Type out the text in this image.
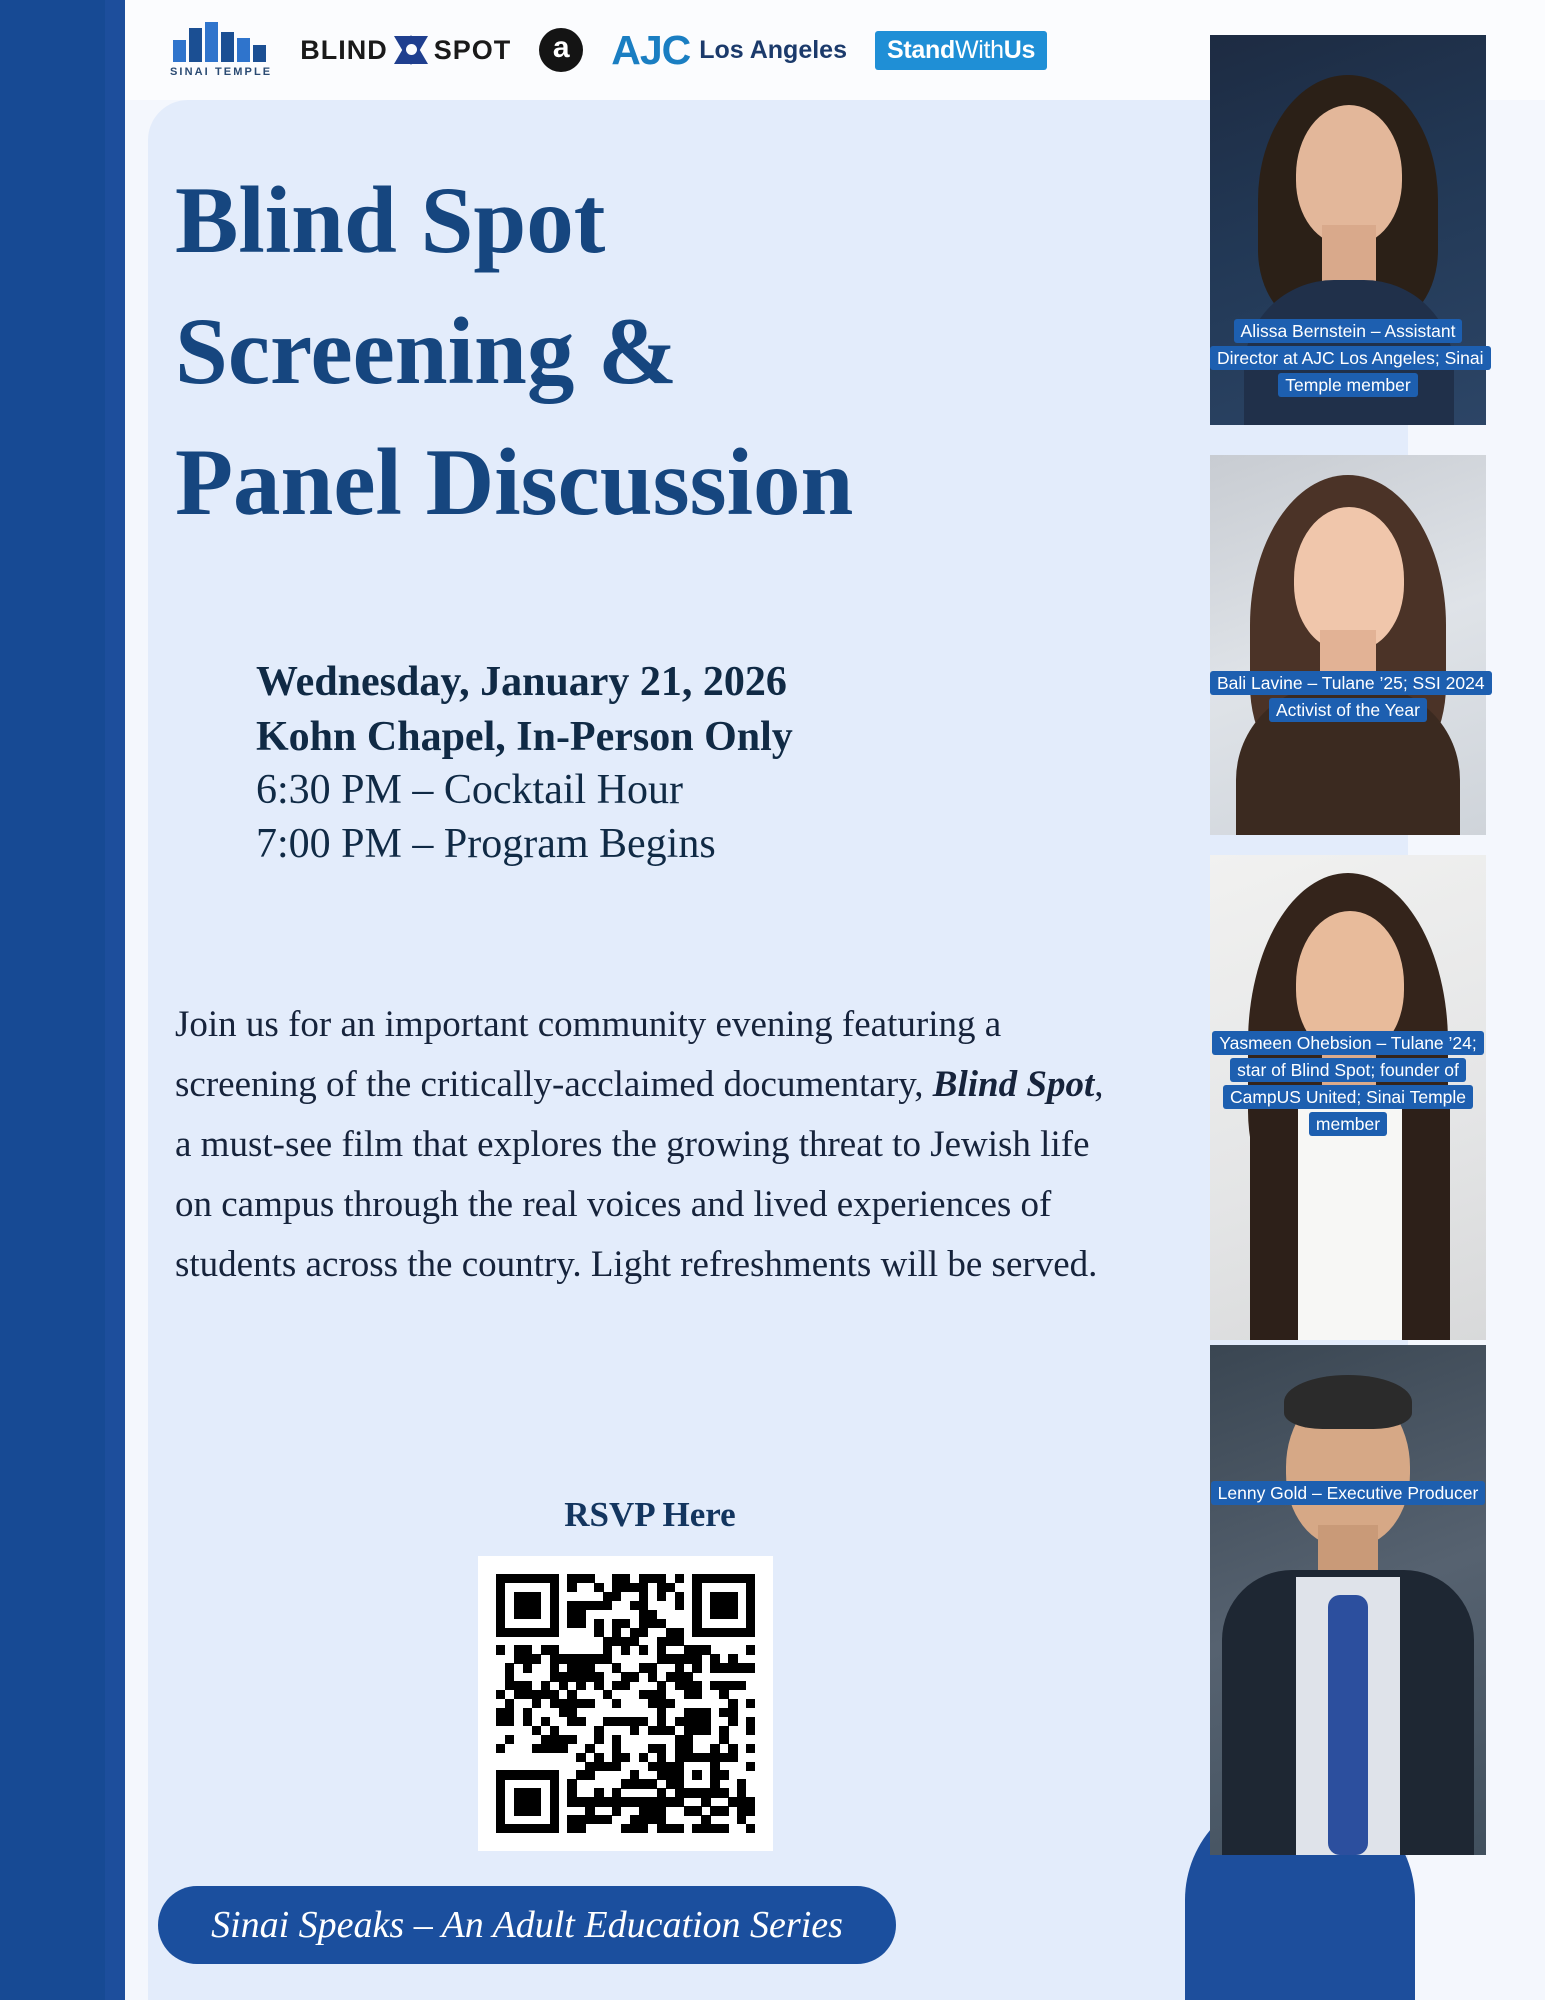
SINAI TEMPLE
BLIND SPOT	a	AJC Los Angeles	StandWithUs
Blind Spot
Screening &
Panel Discussion
Wednesday, January 21, 2026
Kohn Chapel, In-Person Only
6:30 PM – Cocktail Hour
7:00 PM – Program Begins
Join us for an important community evening featuring a screening of the critically-acclaimed documentary, Blind Spot, a must-see film that explores the growing threat to Jewish life on campus through the real voices and lived experiences of students across the country. Light refreshments will be served.
RSVP Here
Sinai Speaks – An Adult Education Series
Alissa Bernstein – Assistant Director at AJC Los Angeles; Sinai Temple member
Bali Lavine – Tulane ’25; SSI 2024 Activist of the Year
Yasmeen Ohebsion – Tulane ’24; star of Blind Spot; founder of CampUS United; Sinai Temple member
Lenny Gold – Executive Producer
